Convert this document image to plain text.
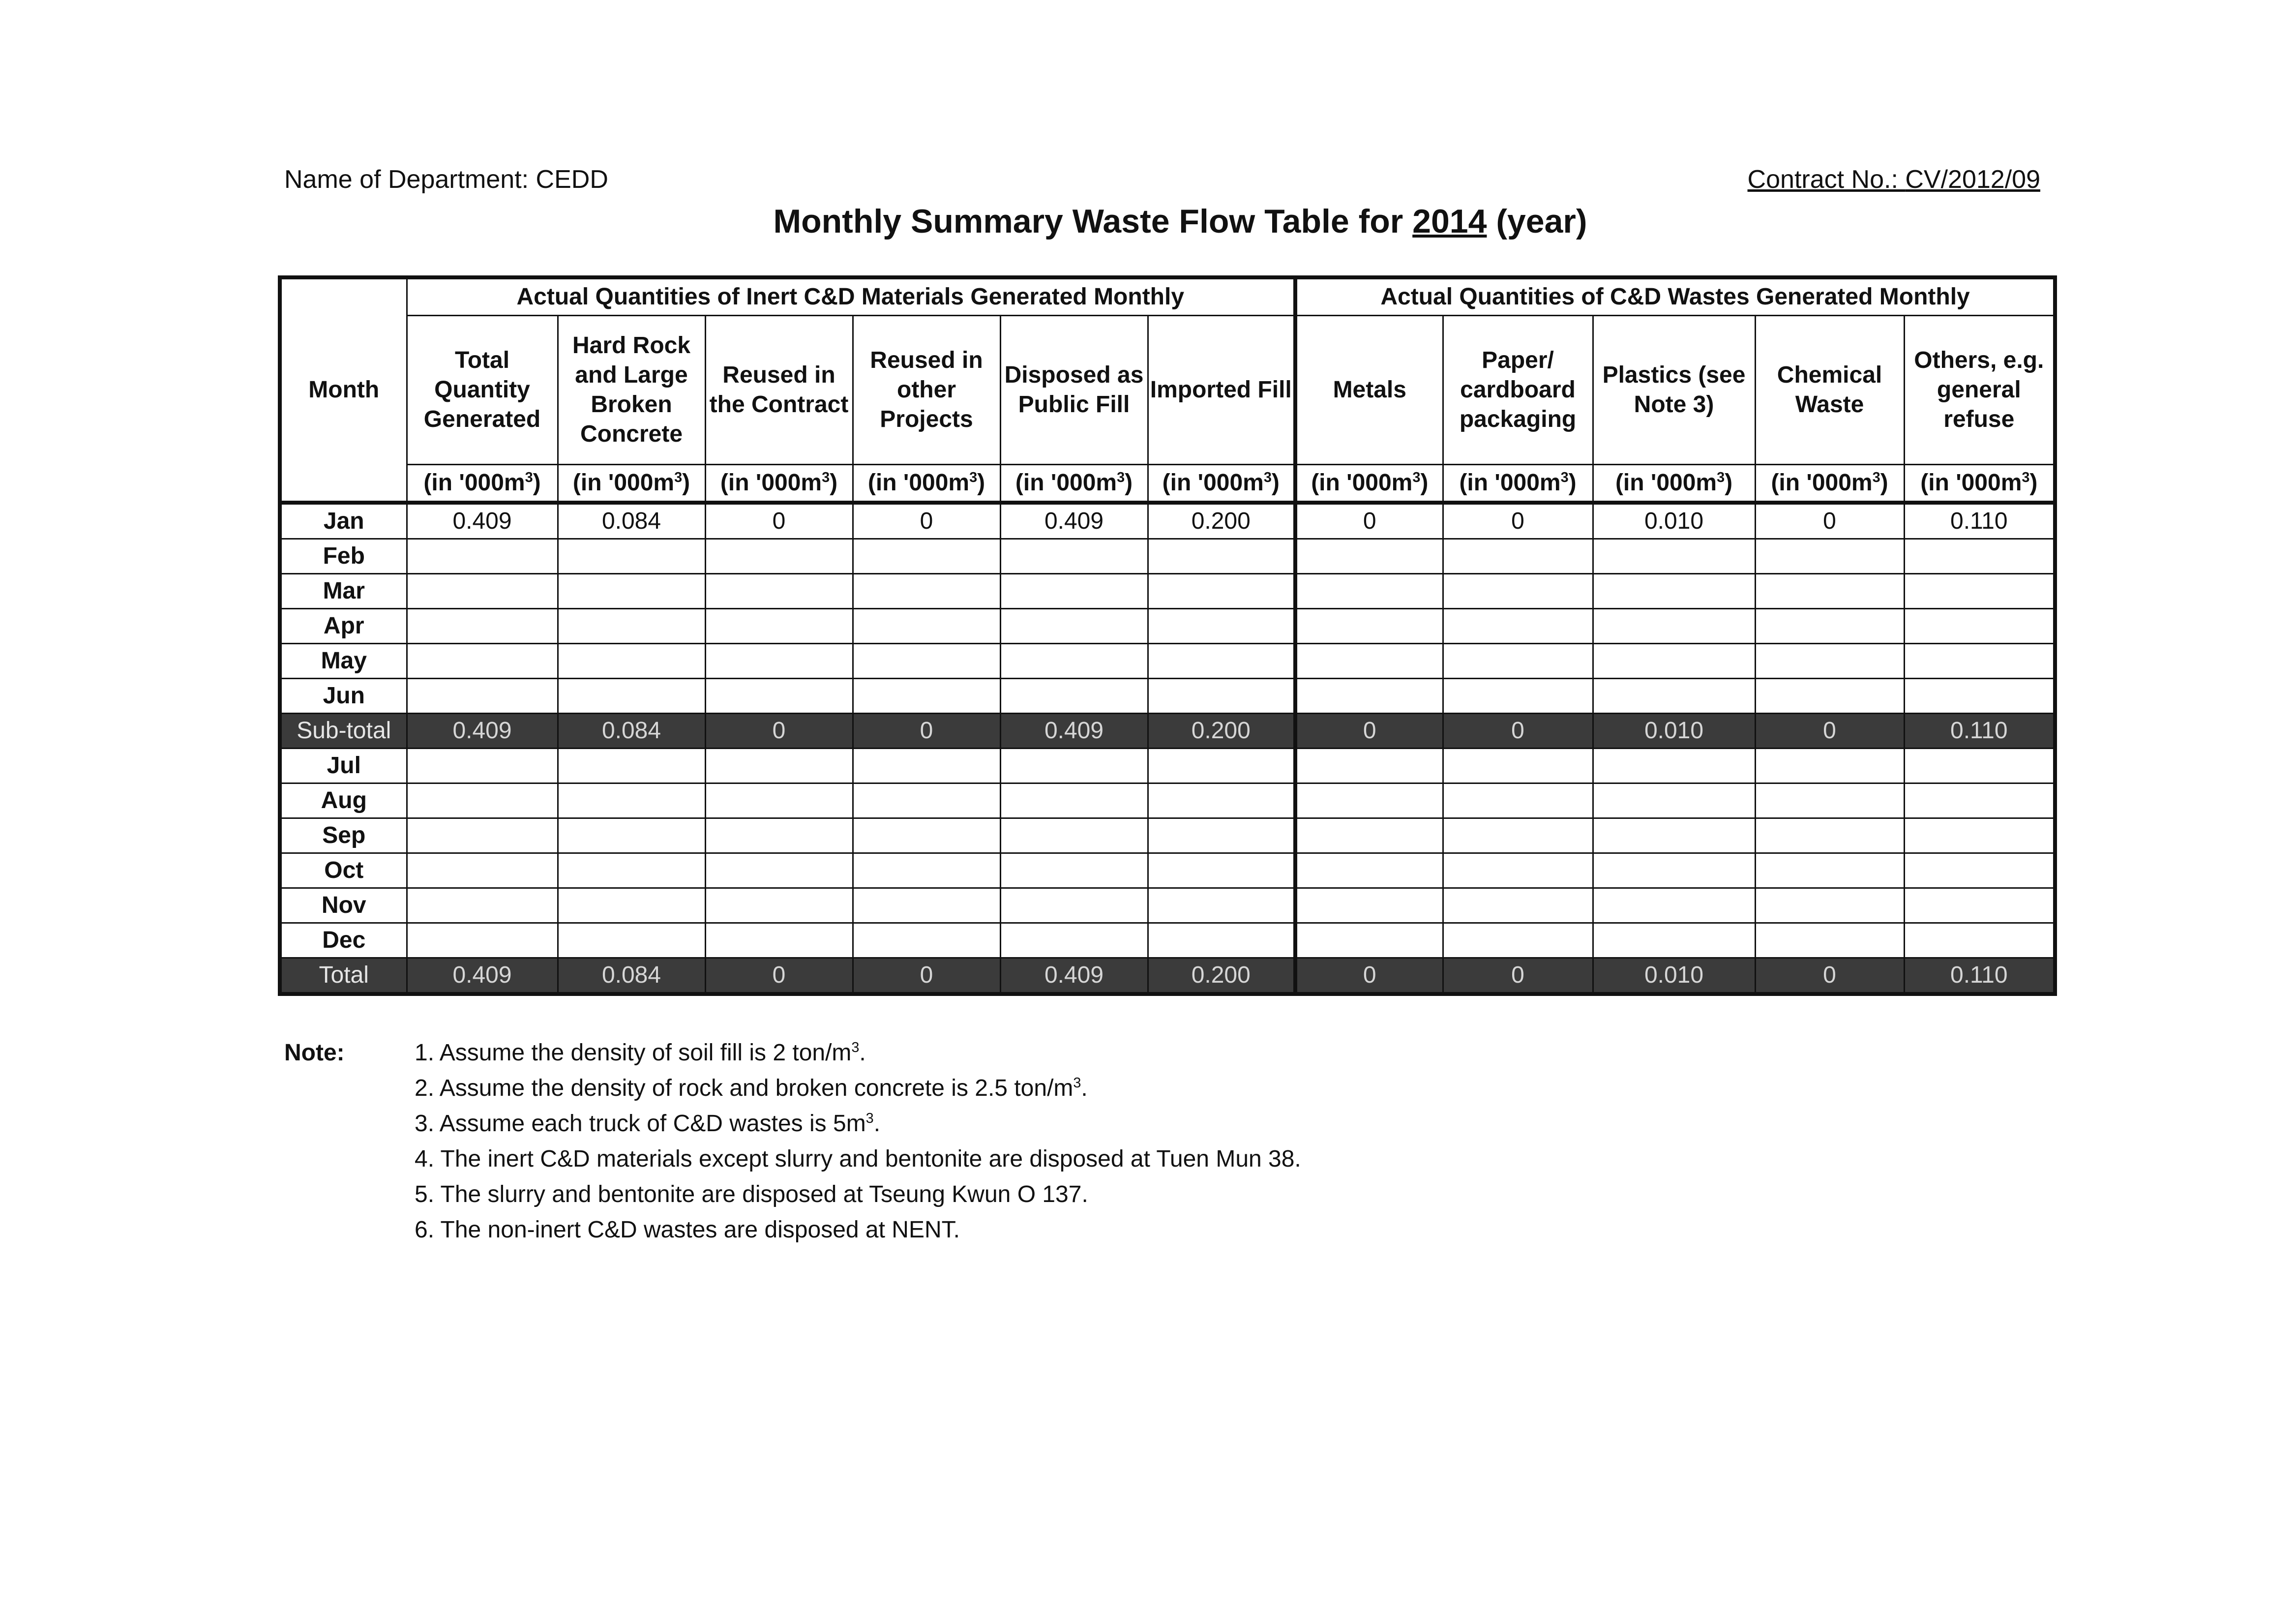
Name of Department: CEDD	Contract No.: CV/2012/09
Monthly Summary Waste Flow Table for 2014 (year)
Month	Actual Quantities of Inert C&D Materials Generated Monthly						Actual Quantities of C&D Wastes Generated Monthly				
	Total Quantity Generated	Hard Rock and Large Broken Concrete	Reused in the Contract	Reused in other Projects	Disposed as Public Fill	Imported Fill	Metals	Paper/ cardboard packaging	Plastics (see Note 3)	Chemical Waste	Others, e.g. general refuse
	(in '$000m^3$)	(in '$000m^3$)	(in '$000m^3$)	(in '$000m^3$)	(in '$000m^3$)	(in '$000m^3$)	(in '$000m^3$)	(in '$000m^3$)	(in '$000m^3$)	(in '$000m^3$)	(in '$000m^3$)
Jan	0.409	0.084	0	0	0.409	0.200	0	0	0.010	0	0.110
Feb											
Mar											
Apr											
May											
Jun											
Sub-total	0.409	0.084	0	0	0.409	0.200	0	0	0.010	0	0.110
Jul											
Aug											
Sep											
Oct											
Nov											
Dec											
Total	0.409	0.084	0	0	0.409	0.200	0	0	0.010	0	0.110
Note:	1. Assume the density of soil fill is 2 ton/$m^3$.
2. Assume the density of rock and broken concrete is 2.5 ton/$m^3$.
3. Assume each truck of C&D wastes is $5m^3$.
4. The inert C&D materials except slurry and bentonite are disposed at Tuen Mun 38.
5. The slurry and bentonite are disposed at Tseung Kwun O 137.
6. The non-inert C&D wastes are disposed at NENT.
